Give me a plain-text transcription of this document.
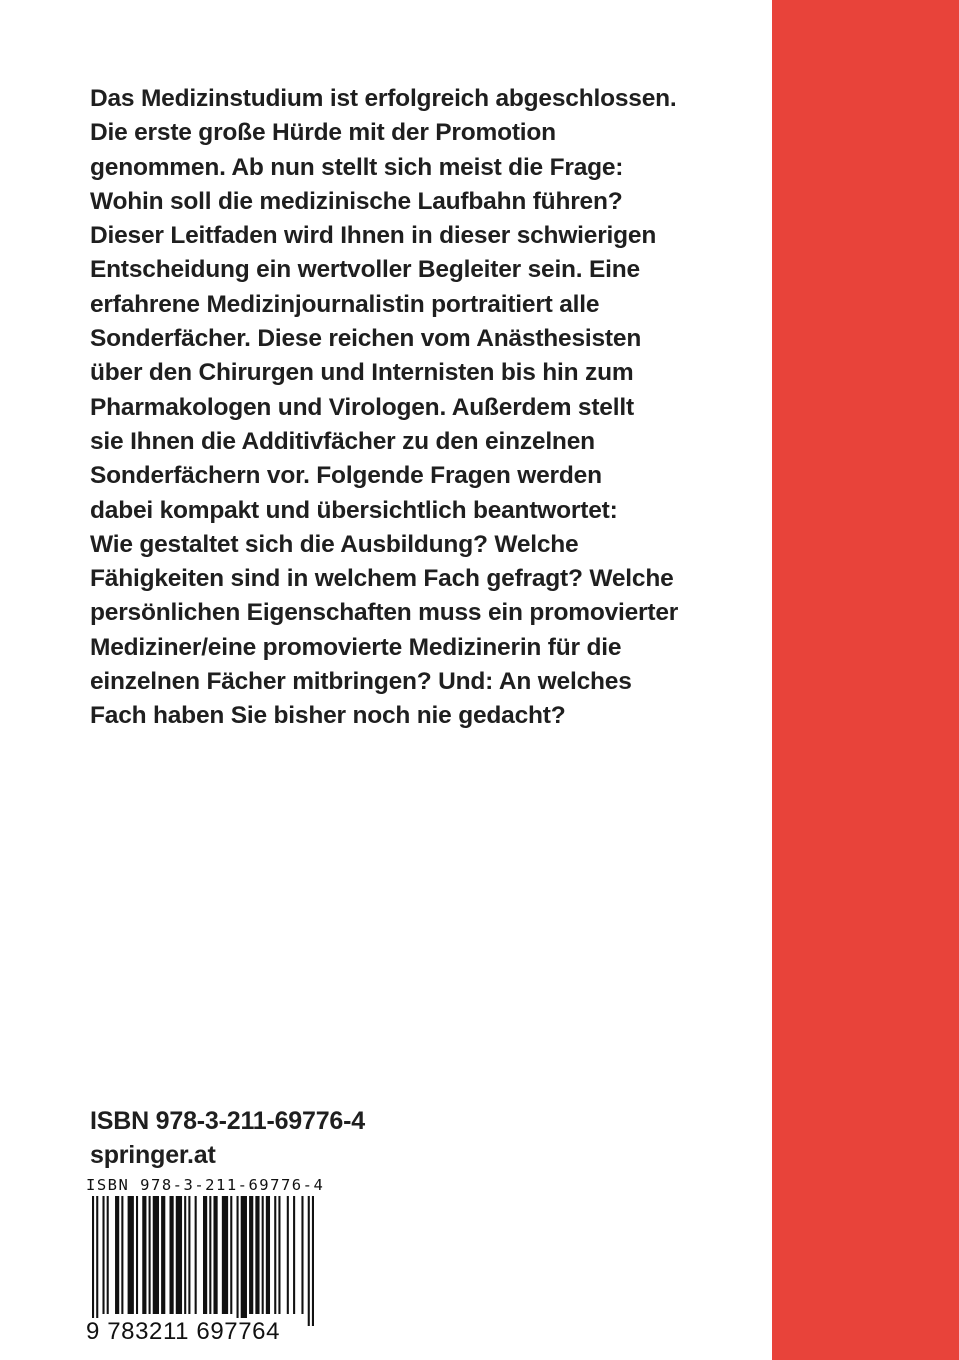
Das Medizinstudium ist erfolgreich abgeschlossen.
Die erste große Hürde mit der Promotion
genommen. Ab nun stellt sich meist die Frage:
Wohin soll die medizinische Laufbahn führen?
Dieser Leitfaden wird Ihnen in dieser schwierigen
Entscheidung ein wertvoller Begleiter sein. Eine
erfahrene Medizinjournalistin portraitiert alle
Sonderfächer. Diese reichen vom Anästhesisten
über den Chirurgen und Internisten bis hin zum
Pharmakologen und Virologen. Außerdem stellt
sie Ihnen die Additivfächer zu den einzelnen
Sonderfächern vor. Folgende Fragen werden
dabei kompakt und übersichtlich beantwortet:
Wie gestaltet sich die Ausbildung? Welche
Fähigkeiten sind in welchem Fach gefragt? Welche
persönlichen Eigenschaften muss ein promovierter
Mediziner/eine promovierte Medizinerin für die
einzelnen Fächer mitbringen? Und: An welches
Fach haben Sie bisher noch nie gedacht?
ISBN 978-3-211-69776-4
springer.at
ISBN 978-3-211-69776-4
9 783211 697764
